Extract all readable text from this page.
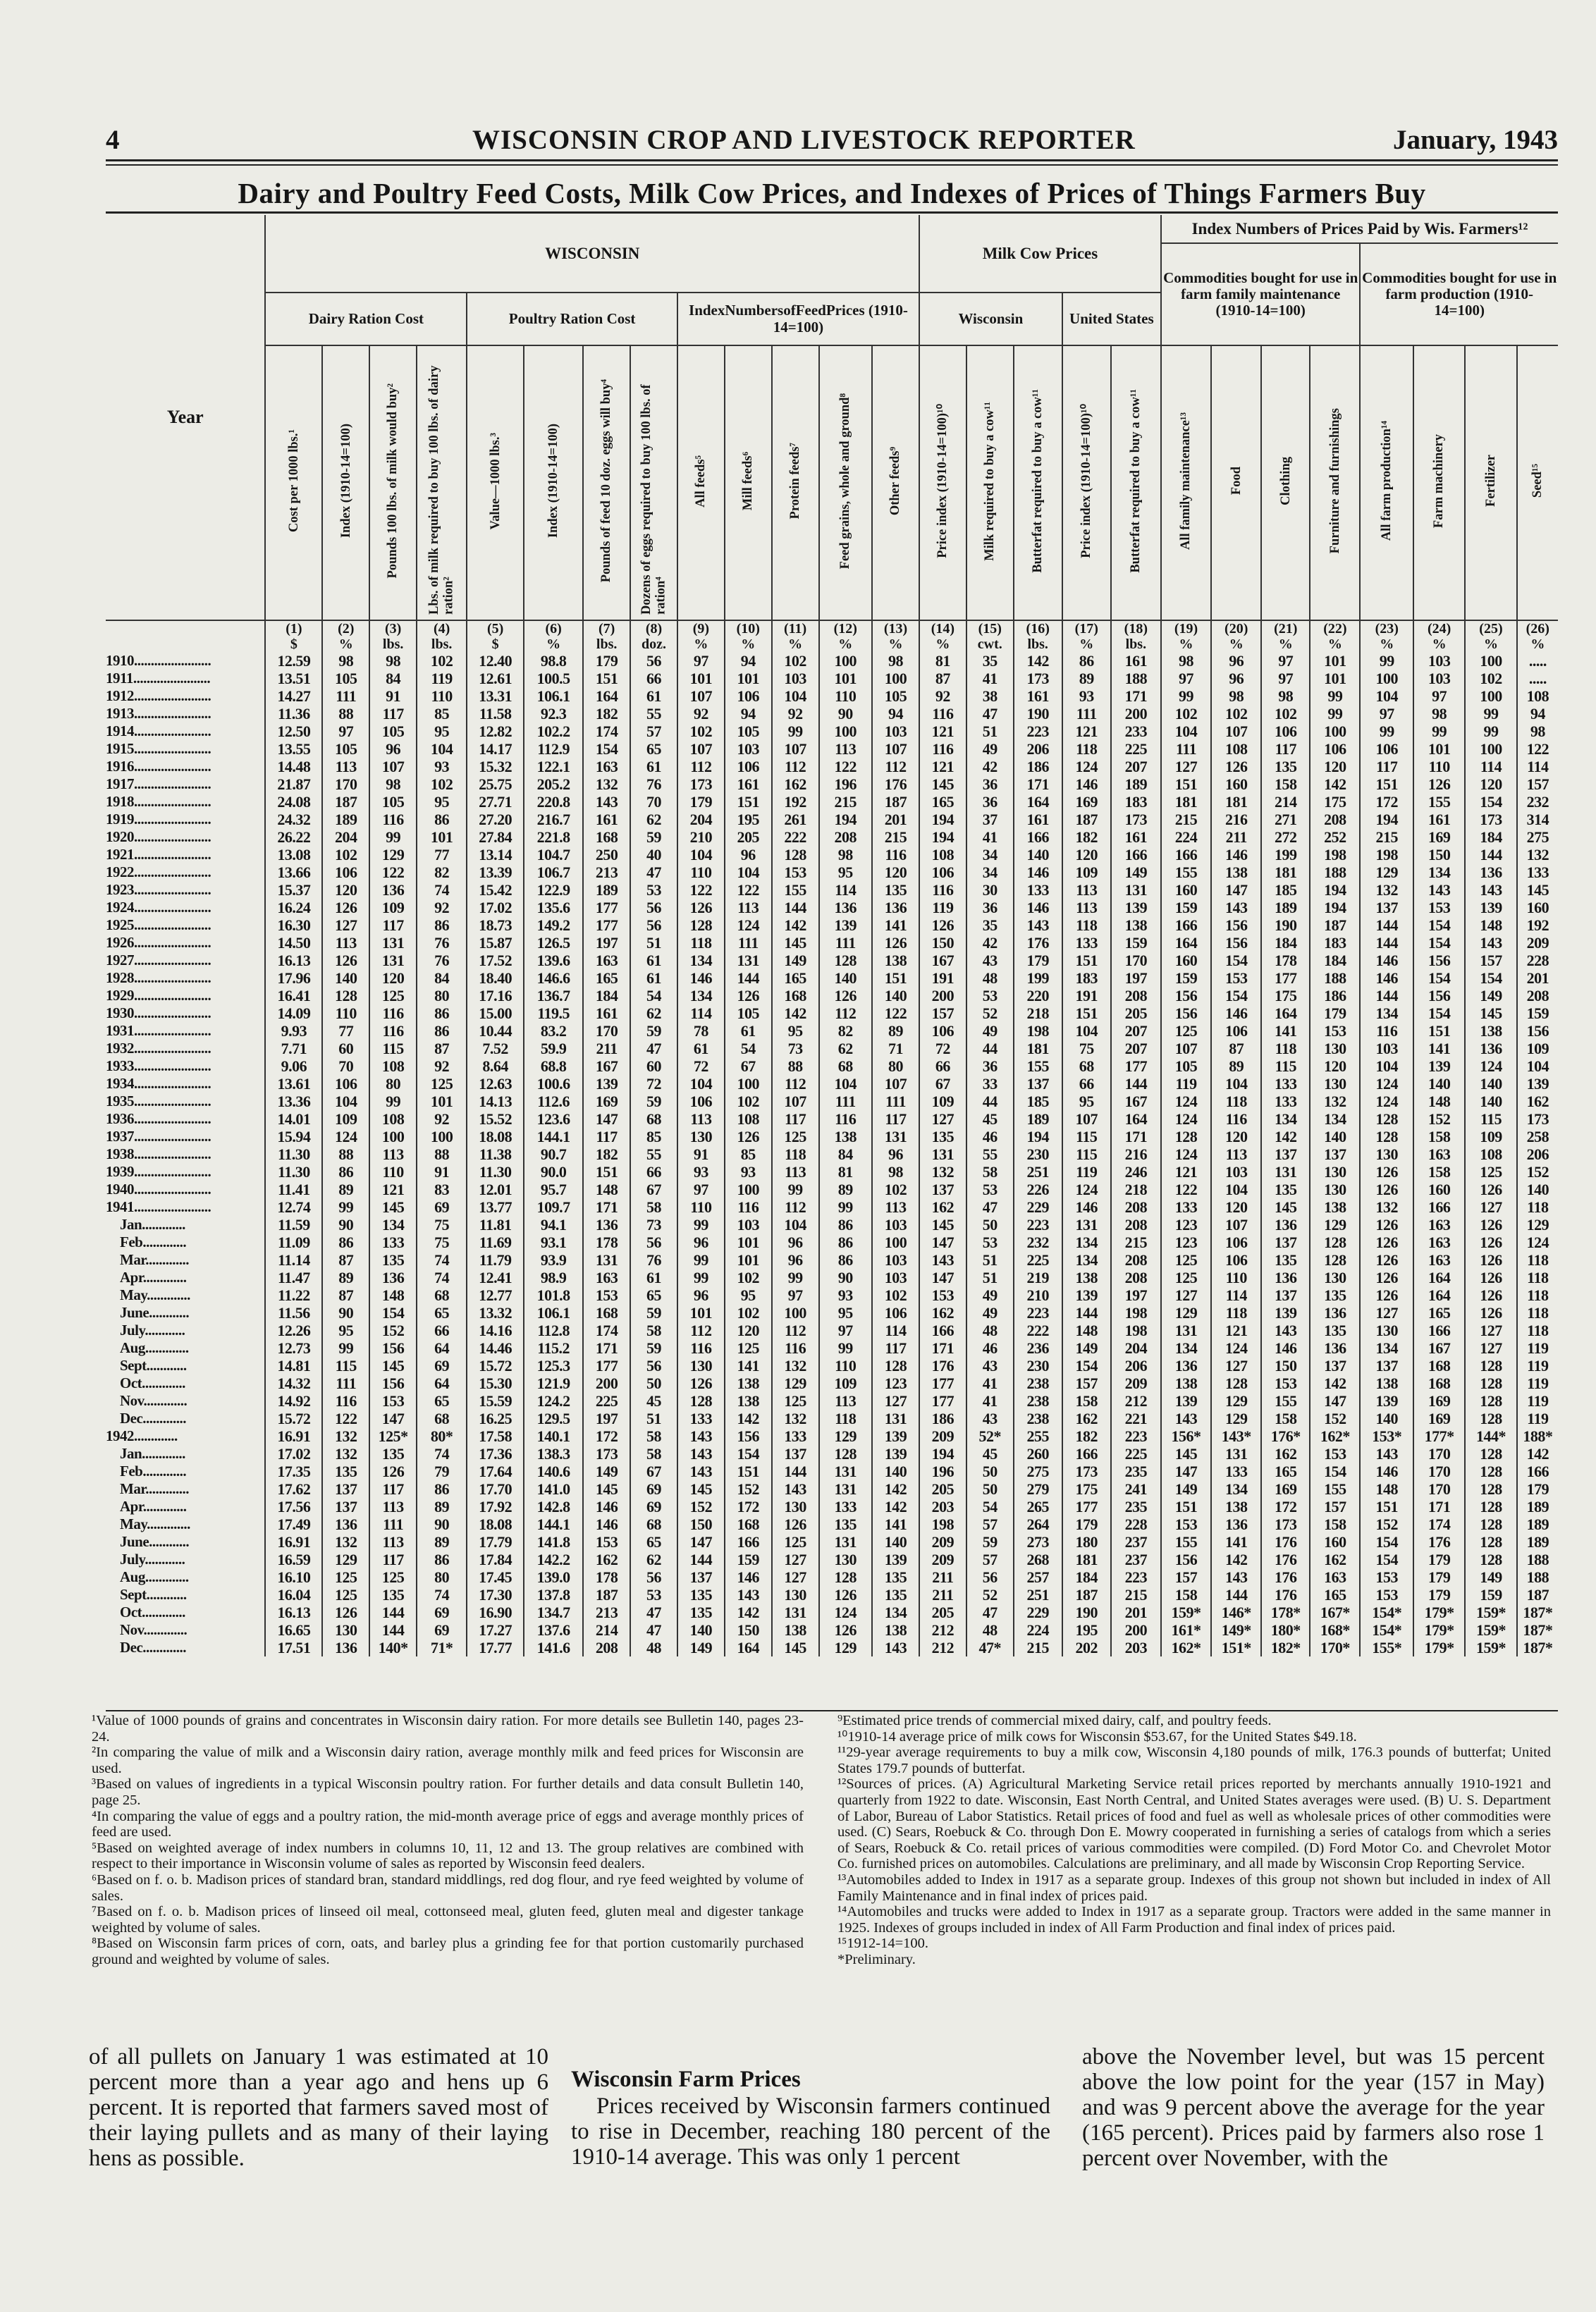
4	WISCONSIN CROP AND LIVESTOCK REPORTER	January, 1943
Dairy and Poultry Feed Costs, Milk Cow Prices, and Indexes of Prices of Things Farmers Buy
Year	WISCONSIN													Milk Cow Prices					Index Numbers of Prices Paid by Wis. Farmers¹²							
																			Commodities bought for use in farm family maintenance (1910-14=100)				Commodities bought for use in farm production (1910-14=100)			
	Dairy Ration Cost				Poultry Ration Cost				IndexNumbersofFeedPrices (1910-14=100)					Wisconsin			United States									
	Cost per 1000 lbs.¹	Index (1910-14=100)	Pounds 100 lbs. of milk would buy²	Lbs. of milk required to buy 100 lbs. of dairy ration²	Value—1000 lbs.³	Index (1910-14=100)	Pounds of feed 10 doz. eggs will buy⁴	Dozens of eggs required to buy 100 lbs. of ration⁴	All feeds⁵	Mill feeds⁶	Protein feeds⁷	Feed grains, whole and ground⁸	Other feeds⁹	Price index (1910-14=100)¹⁰	Milk required to buy a cow¹¹	Butterfat required to buy a cow¹¹	Price index (1910-14=100)¹⁰	Butterfat required to buy a cow¹¹	All family maintenance¹³	Food	Clothing	Furniture and furnishings	All farm production¹⁴	Farm machinery	Fertilizer	Seed¹⁵
	(1)	(2)	(3)	(4)	(5)	(6)	(7)	(8)	(9)	(10)	(11)	(12)	(13)	(14)	(15)	(16)	(17)	(18)	(19)	(20)	(21)	(22)	(23)	(24)	(25)	(26)
	$	%	lbs.	lbs.	$	%	lbs.	doz.	%	%	%	%	%	%	cwt.	lbs.	%	lbs.	%	%	%	%	%	%	%	%
1910.......................	12.59	98	98	102	12.40	98.8	179	56	97	94	102	100	98	81	35	142	86	161	98	96	97	101	99	103	100	.....
1911.......................	13.51	105	84	119	12.61	100.5	151	66	101	101	103	101	100	87	41	173	89	188	97	96	97	101	100	103	102	.....
1912.......................	14.27	111	91	110	13.31	106.1	164	61	107	106	104	110	105	92	38	161	93	171	99	98	98	99	104	97	100	108
1913.......................	11.36	88	117	85	11.58	92.3	182	55	92	94	92	90	94	116	47	190	111	200	102	102	102	99	97	98	99	94
1914.......................	12.50	97	105	95	12.82	102.2	174	57	102	105	99	100	103	121	51	223	121	233	104	107	106	100	99	99	99	98
1915.......................	13.55	105	96	104	14.17	112.9	154	65	107	103	107	113	107	116	49	206	118	225	111	108	117	106	106	101	100	122
1916.......................	14.48	113	107	93	15.32	122.1	163	61	112	106	112	122	112	121	42	186	124	207	127	126	135	120	117	110	114	114
1917.......................	21.87	170	98	102	25.75	205.2	132	76	173	161	162	196	176	145	36	171	146	189	151	160	158	142	151	126	120	157
1918.......................	24.08	187	105	95	27.71	220.8	143	70	179	151	192	215	187	165	36	164	169	183	181	181	214	175	172	155	154	232
1919.......................	24.32	189	116	86	27.20	216.7	161	62	204	195	261	194	201	194	37	161	187	173	215	216	271	208	194	161	173	314
1920.......................	26.22	204	99	101	27.84	221.8	168	59	210	205	222	208	215	194	41	166	182	161	224	211	272	252	215	169	184	275
1921.......................	13.08	102	129	77	13.14	104.7	250	40	104	96	128	98	116	108	34	140	120	166	166	146	199	198	198	150	144	132
1922.......................	13.66	106	122	82	13.39	106.7	213	47	110	104	153	95	120	106	34	146	109	149	155	138	181	188	129	134	136	133
1923.......................	15.37	120	136	74	15.42	122.9	189	53	122	122	155	114	135	116	30	133	113	131	160	147	185	194	132	143	143	145
1924.......................	16.24	126	109	92	17.02	135.6	177	56	126	113	144	136	136	119	36	146	113	139	159	143	189	194	137	153	139	160
1925.......................	16.30	127	117	86	18.73	149.2	177	56	128	124	142	139	141	126	35	143	118	138	166	156	190	187	144	154	148	192
1926.......................	14.50	113	131	76	15.87	126.5	197	51	118	111	145	111	126	150	42	176	133	159	164	156	184	183	144	154	143	209
1927.......................	16.13	126	131	76	17.52	139.6	163	61	134	131	149	128	138	167	43	179	151	170	160	154	178	184	146	156	157	228
1928.......................	17.96	140	120	84	18.40	146.6	165	61	146	144	165	140	151	191	48	199	183	197	159	153	177	188	146	154	154	201
1929.......................	16.41	128	125	80	17.16	136.7	184	54	134	126	168	126	140	200	53	220	191	208	156	154	175	186	144	156	149	208
1930.......................	14.09	110	116	86	15.00	119.5	161	62	114	105	142	112	122	157	52	218	151	205	156	146	164	179	134	154	145	159
1931.......................	9.93	77	116	86	10.44	83.2	170	59	78	61	95	82	89	106	49	198	104	207	125	106	141	153	116	151	138	156
1932.......................	7.71	60	115	87	7.52	59.9	211	47	61	54	73	62	71	72	44	181	75	207	107	87	118	130	103	141	136	109
1933.......................	9.06	70	108	92	8.64	68.8	167	60	72	67	88	68	80	66	36	155	68	177	105	89	115	120	104	139	124	104
1934.......................	13.61	106	80	125	12.63	100.6	139	72	104	100	112	104	107	67	33	137	66	144	119	104	133	130	124	140	140	139
1935.......................	13.36	104	99	101	14.13	112.6	169	59	106	102	107	111	111	109	44	185	95	167	124	118	133	132	124	148	140	162
1936.......................	14.01	109	108	92	15.52	123.6	147	68	113	108	117	116	117	127	45	189	107	164	124	116	134	134	128	152	115	173
1937.......................	15.94	124	100	100	18.08	144.1	117	85	130	126	125	138	131	135	46	194	115	171	128	120	142	140	128	158	109	258
1938.......................	11.30	88	113	88	11.38	90.7	182	55	91	85	118	84	96	131	55	230	115	216	124	113	137	137	130	163	108	206
1939.......................	11.30	86	110	91	11.30	90.0	151	66	93	93	113	81	98	132	58	251	119	246	121	103	131	130	126	158	125	152
1940.......................	11.41	89	121	83	12.01	95.7	148	67	97	100	99	89	102	137	53	226	124	218	122	104	135	130	126	160	126	140
1941.......................	12.74	99	145	69	13.77	109.7	171	58	110	116	112	99	113	162	47	229	146	208	133	120	145	138	132	166	127	118
Jan.............	11.59	90	134	75	11.81	94.1	136	73	99	103	104	86	103	145	50	223	131	208	123	107	136	129	126	163	126	129
Feb.............	11.09	86	133	75	11.69	93.1	178	56	96	101	96	86	100	147	53	232	134	215	123	106	137	128	126	163	126	124
Mar.............	11.14	87	135	74	11.79	93.9	131	76	99	101	96	86	103	143	51	225	134	208	125	106	135	128	126	163	126	118
Apr.............	11.47	89	136	74	12.41	98.9	163	61	99	102	99	90	103	147	51	219	138	208	125	110	136	130	126	164	126	118
May.............	11.22	87	148	68	12.77	101.8	153	65	96	95	97	93	102	153	49	210	139	197	127	114	137	135	126	164	126	118
June............	11.56	90	154	65	13.32	106.1	168	59	101	102	100	95	106	162	49	223	144	198	129	118	139	136	127	165	126	118
July............	12.26	95	152	66	14.16	112.8	174	58	112	120	112	97	114	166	48	222	148	198	131	121	143	135	130	166	127	118
Aug.............	12.73	99	156	64	14.46	115.2	171	59	116	125	116	99	117	171	46	236	149	204	134	124	146	136	134	167	127	119
Sept............	14.81	115	145	69	15.72	125.3	177	56	130	141	132	110	128	176	43	230	154	206	136	127	150	137	137	168	128	119
Oct.............	14.32	111	156	64	15.30	121.9	200	50	126	138	129	109	123	177	41	238	157	209	138	128	153	142	138	168	128	119
Nov.............	14.92	116	153	65	15.59	124.2	225	45	128	138	125	113	127	177	41	238	158	212	139	129	155	147	139	169	128	119
Dec.............	15.72	122	147	68	16.25	129.5	197	51	133	142	132	118	131	186	43	238	162	221	143	129	158	152	140	169	128	119
1942.............	16.91	132	125*	80*	17.58	140.1	172	58	143	156	133	129	139	209	52*	255	182	223	156*	143*	176*	162*	153*	177*	144*	188*
Jan.............	17.02	132	135	74	17.36	138.3	173	58	143	154	137	128	139	194	45	260	166	225	145	131	162	153	143	170	128	142
Feb.............	17.35	135	126	79	17.64	140.6	149	67	143	151	144	131	140	196	50	275	173	235	147	133	165	154	146	170	128	166
Mar.............	17.62	137	117	86	17.70	141.0	145	69	145	152	143	131	142	205	50	279	175	241	149	134	169	155	148	170	128	179
Apr.............	17.56	137	113	89	17.92	142.8	146	69	152	172	130	133	142	203	54	265	177	235	151	138	172	157	151	171	128	189
May.............	17.49	136	111	90	18.08	144.1	146	68	150	168	126	135	141	198	57	264	179	228	153	136	173	158	152	174	128	189
June............	16.91	132	113	89	17.79	141.8	153	65	147	166	125	131	140	209	59	273	180	237	155	141	176	160	154	176	128	189
July............	16.59	129	117	86	17.84	142.2	162	62	144	159	127	130	139	209	57	268	181	237	156	142	176	162	154	179	128	188
Aug.............	16.10	125	125	80	17.45	139.0	178	56	137	146	127	128	135	211	56	257	184	223	157	143	176	163	153	179	149	188
Sept............	16.04	125	135	74	17.30	137.8	187	53	135	143	130	126	135	211	52	251	187	215	158	144	176	165	153	179	159	187
Oct.............	16.13	126	144	69	16.90	134.7	213	47	135	142	131	124	134	205	47	229	190	201	159*	146*	178*	167*	154*	179*	159*	187*
Nov.............	16.65	130	144	69	17.27	137.6	214	47	140	150	138	126	138	212	48	224	195	200	161*	149*	180*	168*	154*	179*	159*	187*
Dec.............	17.51	136	140*	71*	17.77	141.6	208	48	149	164	145	129	143	212	47*	215	202	203	162*	151*	182*	170*	155*	179*	159*	187*

¹Value of 1000 pounds of grains and concentrates in Wisconsin dairy ration. For more details see Bulletin 140, pages 23-24.

²In comparing the value of milk and a Wisconsin dairy ration, average monthly milk and feed prices for Wisconsin are used.

³Based on values of ingredients in a typical Wisconsin poultry ration. For further details and data consult Bulletin 140, page 25.

⁴In comparing the value of eggs and a poultry ration, the mid-month average price of eggs and average monthly prices of feed are used.

⁵Based on weighted average of index numbers in columns 10, 11, 12 and 13. The group relatives are combined with respect to their importance in Wisconsin volume of sales as reported by Wisconsin feed dealers.

⁶Based on f. o. b. Madison prices of standard bran, standard middlings, red dog flour, and rye feed weighted by volume of sales.

⁷Based on f. o. b. Madison prices of linseed oil meal, cottonseed meal, gluten feed, gluten meal and digester tankage weighted by volume of sales.

⁸Based on Wisconsin farm prices of corn, oats, and barley plus a grinding fee for that portion customarily purchased ground and weighted by volume of sales.

⁹Estimated price trends of commercial mixed dairy, calf, and poultry feeds.

¹⁰1910-14 average price of milk cows for Wisconsin $53.67, for the United States $49.18.

¹¹29-year average requirements to buy a milk cow, Wisconsin 4,180 pounds of milk, 176.3 pounds of butterfat; United States 179.7 pounds of butterfat.

¹²Sources of prices. (A) Agricultural Marketing Service retail prices reported by merchants annually 1910-1921 and quarterly from 1922 to date. Wisconsin, East North Central, and United States averages were used. (B) U. S. Department of Labor, Bureau of Labor Statistics. Retail prices of food and fuel as well as wholesale prices of other commodities were used. (C) Sears, Roebuck & Co. through Don E. Mowry cooperated in furnishing a series of catalogs from which a series of Sears, Roebuck & Co. retail prices of various commodities were compiled. (D) Ford Motor Co. and Chevrolet Motor Co. furnished prices on automobiles. Calculations are preliminary, and all made by Wisconsin Crop Reporting Service.

¹³Automobiles added to Index in 1917 as a separate group. Indexes of this group not shown but included in index of All Family Maintenance and in final index of prices paid.

¹⁴Automobiles and trucks were added to Index in 1917 as a separate group. Tractors were added in the same manner in 1925. Indexes of groups included in index of All Farm Production and final index of prices paid.

¹⁵1912-14=100.

*Preliminary.

of all pullets on January 1 was estimated at 10 percent more than a year ago and hens up 6 percent. It is reported that farmers saved most of their laying pullets and as many of their laying hens as possible.

Wisconsin Farm Prices

Prices received by Wisconsin farmers continued to rise in December, reaching 180 percent of the 1910-14 average. This was only 1 percent

above the November level, but was 15 percent above the low point for the year (157 in May) and was 9 percent above the average for the year (165 percent). Prices paid by farmers also rose 1 percent over November, with the
